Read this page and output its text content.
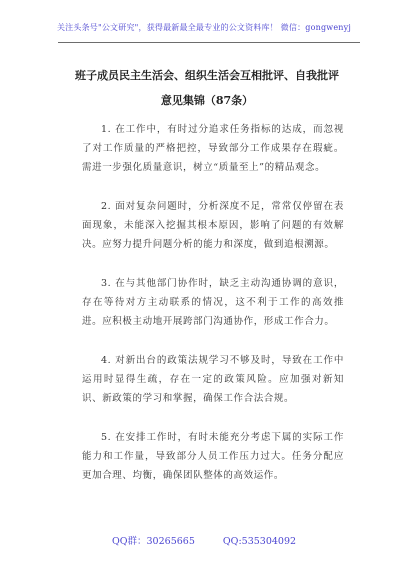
关注头条号"公文研究"，获得最新最全最专业的公文资料库！ 微信：gongwenyj
班子成员民主生活会、组织生活会互相批评、自我批评意见集锦（87条）

1. 在工作中，有时过分追求任务指标的达成，而忽视了对工作质量的严格把控，导致部分工作成果存在瑕疵。需进一步强化质量意识，树立“质量至上”的精品观念。

2. 面对复杂问题时，分析深度不足，常常仅停留在表面现象，未能深入挖掘其根本原因，影响了问题的有效解决。应努力提升问题分析的能力和深度，做到追根溯源。

3. 在与其他部门协作时，缺乏主动沟通协调的意识，存在等待对方主动联系的情况，这不利于工作的高效推进。应积极主动地开展跨部门沟通协作，形成工作合力。

4. 对新出台的政策法规学习不够及时，导致在工作中运用时显得生疏，存在一定的政策风险。应加强对新知识、新政策的学习和掌握，确保工作合法合规。

5. 在安排工作时，有时未能充分考虑下属的实际工作能力和工作量，导致部分人员工作压力过大。任务分配应更加合理、均衡，确保团队整体的高效运作。

QQ群：30265665	QQ:535304092
